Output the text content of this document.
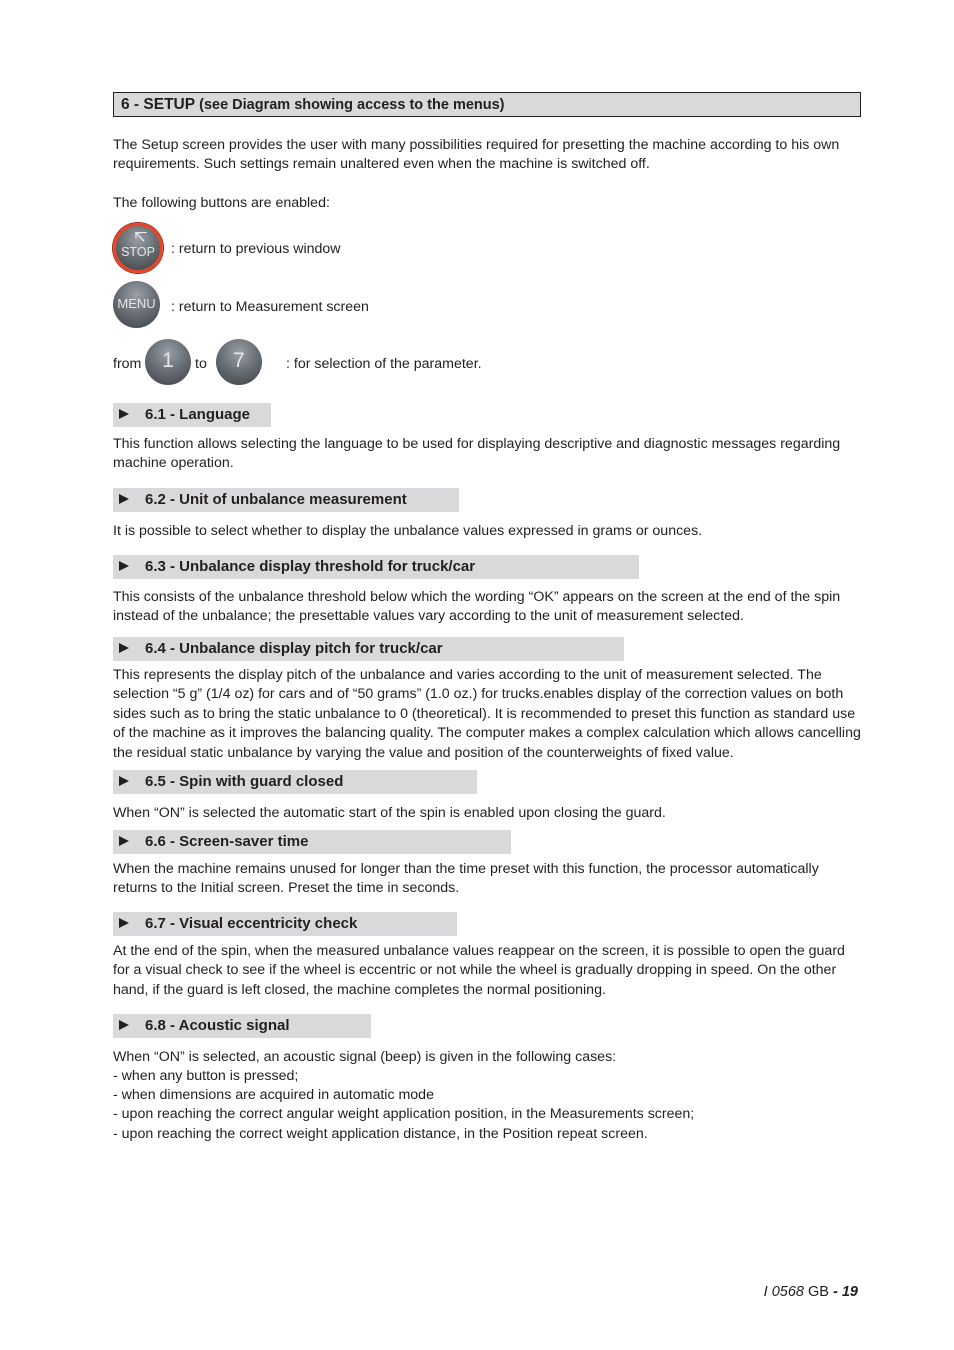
6 - SETUP (see Diagram showing access to the menus)

The Setup screen provides the user with many possibilities required for presetting the machine according to his own requirements. Such settings remain unaltered even when the machine is switched off.

The following buttons are enabled:

STOP	: return to previous window
MENU	: return to Measurement screen
from 1	to	7	: for selection of the parameter.
6.1 - Language

This function allows selecting the language to be used for displaying descriptive and diagnostic messages regarding machine operation.

6.2 - Unit of unbalance measurement

It is possible to select whether to display the unbalance values expressed in grams or ounces.

6.3 - Unbalance display threshold for truck/car

This consists of the unbalance threshold below which the wording “OK” appears on the screen at the end of the spin instead of the unbalance; the presettable values vary according to the unit of measurement selected.

6.4 - Unbalance display pitch for truck/car

This represents the display pitch of the unbalance and varies according to the unit of measurement selected. The selection “5 g” (1/4 oz) for cars and of “50 grams” (1.0 oz.) for trucks.enables display of the correction values on both sides such as to bring the static unbalance to 0 (theoretical). It is recommended to preset this function as standard use of the machine as it improves the balancing quality. The computer makes a complex calculation which allows cancelling the residual static unbalance by varying the value and position of the counterweights of fixed value.

6.5 - Spin with guard closed

When “ON” is selected the automatic start of the spin is enabled upon closing the guard.

6.6 - Screen-saver time

When the machine remains unused for longer than the time preset with this function, the processor automatically returns to the Initial screen. Preset the time in seconds.

6.7 - Visual eccentricity check

At the end of the spin, when the measured unbalance values reappear on the screen, it is possible to open the guard for a visual check to see if the wheel is eccentric or not while the wheel is gradually dropping in speed. On the other hand, if the guard is left closed, the machine completes the normal positioning.

6.8 - Acoustic signal

When “ON” is selected, an acoustic signal (beep) is given in the following cases:

- when any button is pressed;

- when dimensions are acquired in automatic mode

- upon reaching the correct angular weight application position, in the Measurements screen;

- upon reaching the correct weight application distance, in the Position repeat screen.

I 0568 GB - 19
